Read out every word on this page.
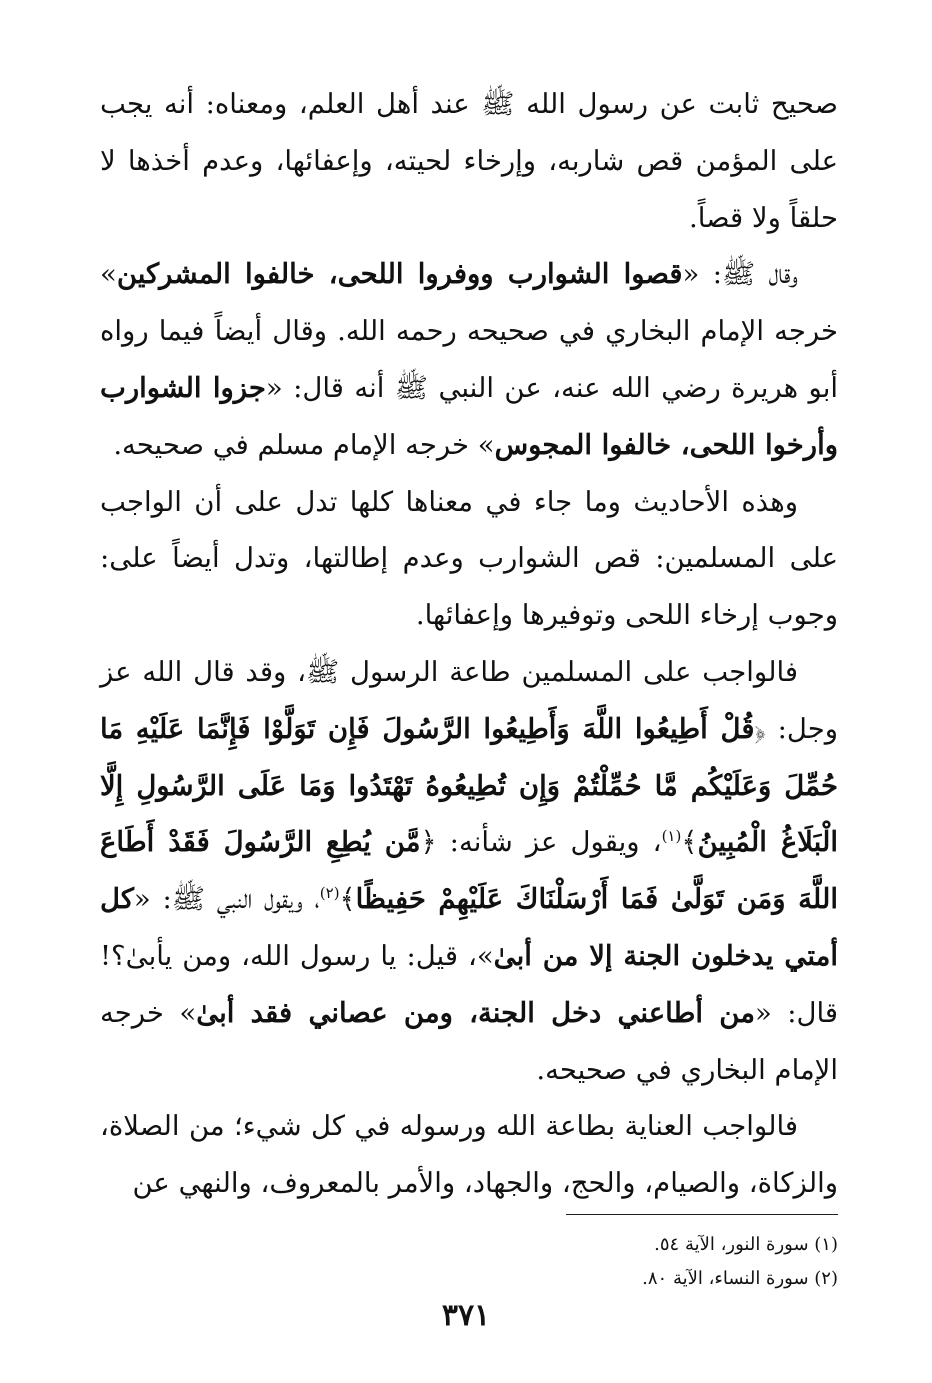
صحيح ثابت عن رسول الله ﷺ عند أهل العلم، ومعناه: أنه يجب على المؤمن قص شاربه، وإرخاء لحيته، وإعفائها، وعدم أخذها لا حلقاً ولا قصاً.

وقال ﷺ: «قصوا الشوارب ووفروا اللحى، خالفوا المشركين» خرجه الإمام البخاري في صحيحه رحمه الله. وقال أيضاً فيما رواه أبو هريرة رضي الله عنه، عن النبي ﷺ أنه قال: «جزوا الشوارب وأرخوا اللحى، خالفوا المجوس» خرجه الإمام مسلم في صحيحه.

وهذه الأحاديث وما جاء في معناها كلها تدل على أن الواجب على المسلمين: قص الشوارب وعدم إطالتها، وتدل أيضاً على: وجوب إرخاء اللحى وتوفيرها وإعفائها.

فالواجب على المسلمين طاعة الرسول ﷺ، وقد قال الله عز وجل: ﴿قُلْ أَطِيعُوا اللَّهَ وَأَطِيعُوا الرَّسُولَ فَإِن تَوَلَّوْا فَإِنَّمَا عَلَيْهِ مَا حُمِّلَ وَعَلَيْكُم مَّا حُمِّلْتُمْ وَإِن تُطِيعُوهُ تَهْتَدُوا وَمَا عَلَى الرَّسُولِ إِلَّا الْبَلَاغُ الْمُبِينُ﴾$^{(١)}$، ويقول عز شأنه: ﴿مَّن يُطِعِ الرَّسُولَ فَقَدْ أَطَاعَ اللَّهَ وَمَن تَوَلَّىٰ فَمَا أَرْسَلْنَاكَ عَلَيْهِمْ حَفِيظًا﴾$^{(٢)}$، ويقول النبي ﷺ: «كل أمتي يدخلون الجنة إلا من أبىٰ»، قيل: يا رسول الله، ومن يأبىٰ؟! قال: «من أطاعني دخل الجنة، ومن عصاني فقد أبىٰ» خرجه الإمام البخاري في صحيحه.

فالواجب العناية بطاعة الله ورسوله في كل شيء؛ من الصلاة، والزكاة، والصيام، والحج، والجهاد، والأمر بالمعروف، والنهي عن

(١) سورة النور، الآية ٥٤.

(٢) سورة النساء، الآية ٨٠.

٣٧١
